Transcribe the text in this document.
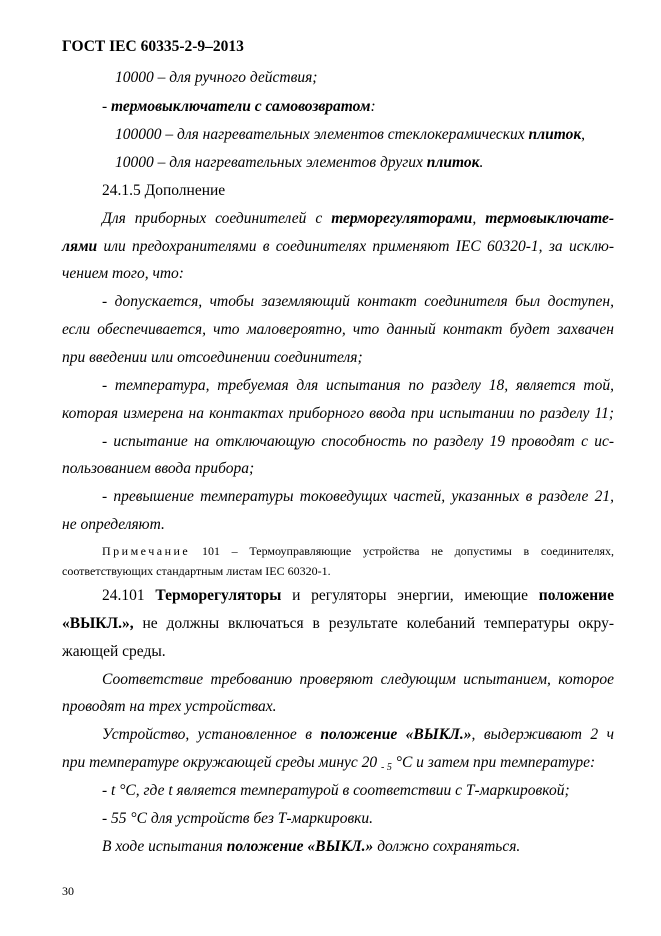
ГОСТ IEC 60335-2-9–2013
10000 – для ручного действия;
- термовыключатели с самовозвратом:
100000 – для нагревательных элементов стеклокерамических плиток,
10000 – для нагревательных элементов других плиток.
24.1.5 Дополнение
Для приборных соединителей с терморегуляторами, термовыключате-
лями или предохранителями в соединителях применяют IEC 60320-1, за исклю-
чением того, что:
- допускается, чтобы заземляющий контакт соединителя был доступен,
если обеспечивается, что маловероятно, что данный контакт будет захвачен
при введении или отсоединении соединителя;
- температура, требуемая для испытания по разделу 18, является той,
которая измерена на контактах приборного ввода при испытании по разделу 11;
- испытание на отключающую способность по разделу 19 проводят с ис-
пользованием ввода прибора;
- превышение температуры токоведущих частей, указанных в разделе 21,
не определяют.
Примечание 101 – Термоуправляющие устройства не допустимы в соединителях,
соответствующих стандартным листам IEC 60320-1.
24.101 Терморегуляторы и регуляторы энергии, имеющие положение
«ВЫКЛ.», не должны включаться в результате колебаний температуры окру-
жающей среды.
Соответствие требованию проверяют следующим испытанием, которое
проводят на трех устройствах.
Устройство, установленное в положение «ВЫКЛ.», выдерживают 2 ч
при температуре окружающей среды минус 20 $_{- 5}$ °С и затем при температуре:
- t °С, где t является температурой в соответствии с Т-маркировкой;
- 55 °С для устройств без Т-маркировки.
В ходе испытания положение «ВЫКЛ.» должно сохраняться.
30
